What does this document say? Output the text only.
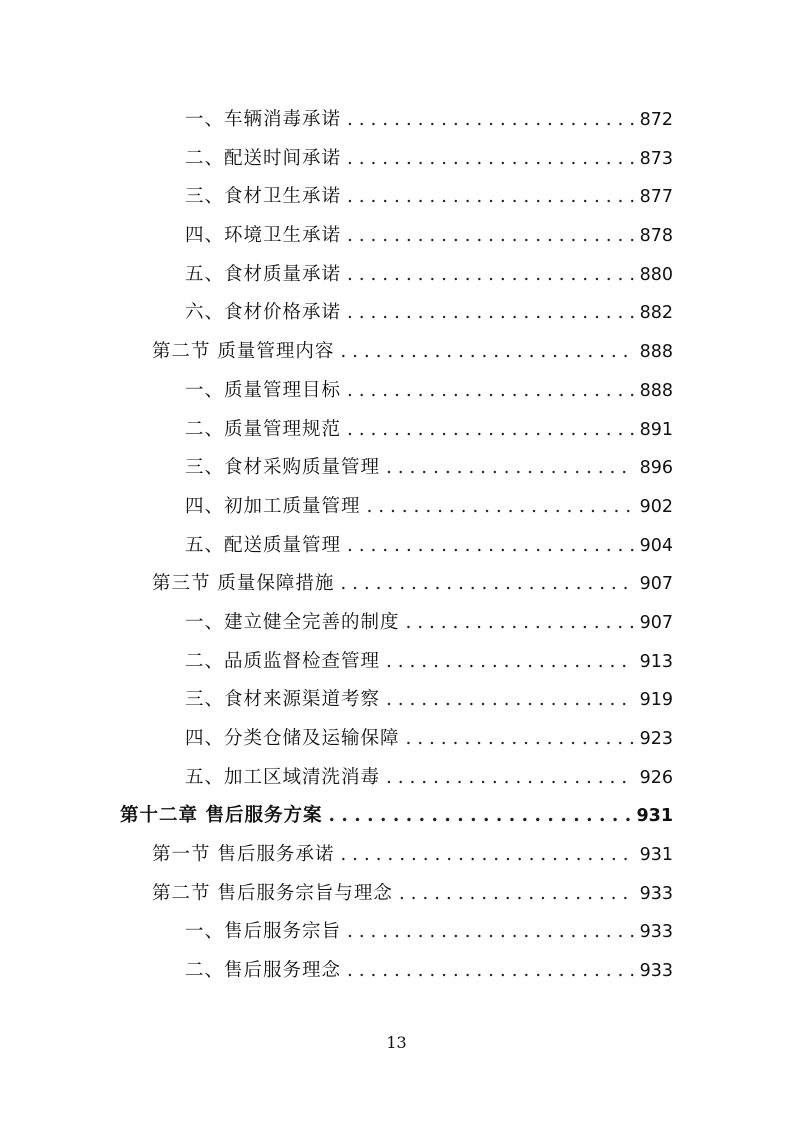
一、车辆消毒承诺 . . .	872
二、配送时间承诺 . . .	873
三、食材卫生承诺 . . .	877
四、环境卫生承诺 . . .	878
五、食材质量承诺 . . .	880
六、食材价格承诺 . . .	882
第二节 质量管理内容 . . .	888
一、质量管理目标 . . .	888
二、质量管理规范 . . .	891
三、食材采购质量管理 . . .	896
四、初加工质量管理 . . .	902
五、配送质量管理 . . .	904
第三节 质量保障措施 . . .	907
一、建立健全完善的制度 . . .	907
二、品质监督检查管理 . . .	913
三、食材来源渠道考察 . . .	919
四、分类仓储及运输保障 . . .	923
五、加工区域清洗消毒 . . .	926
第十二章 售后服务方案 . . .	931
第一节 售后服务承诺 . . .	931
第二节 售后服务宗旨与理念 . . .	933
一、售后服务宗旨 . . .	933
二、售后服务理念 . . .	933
13
